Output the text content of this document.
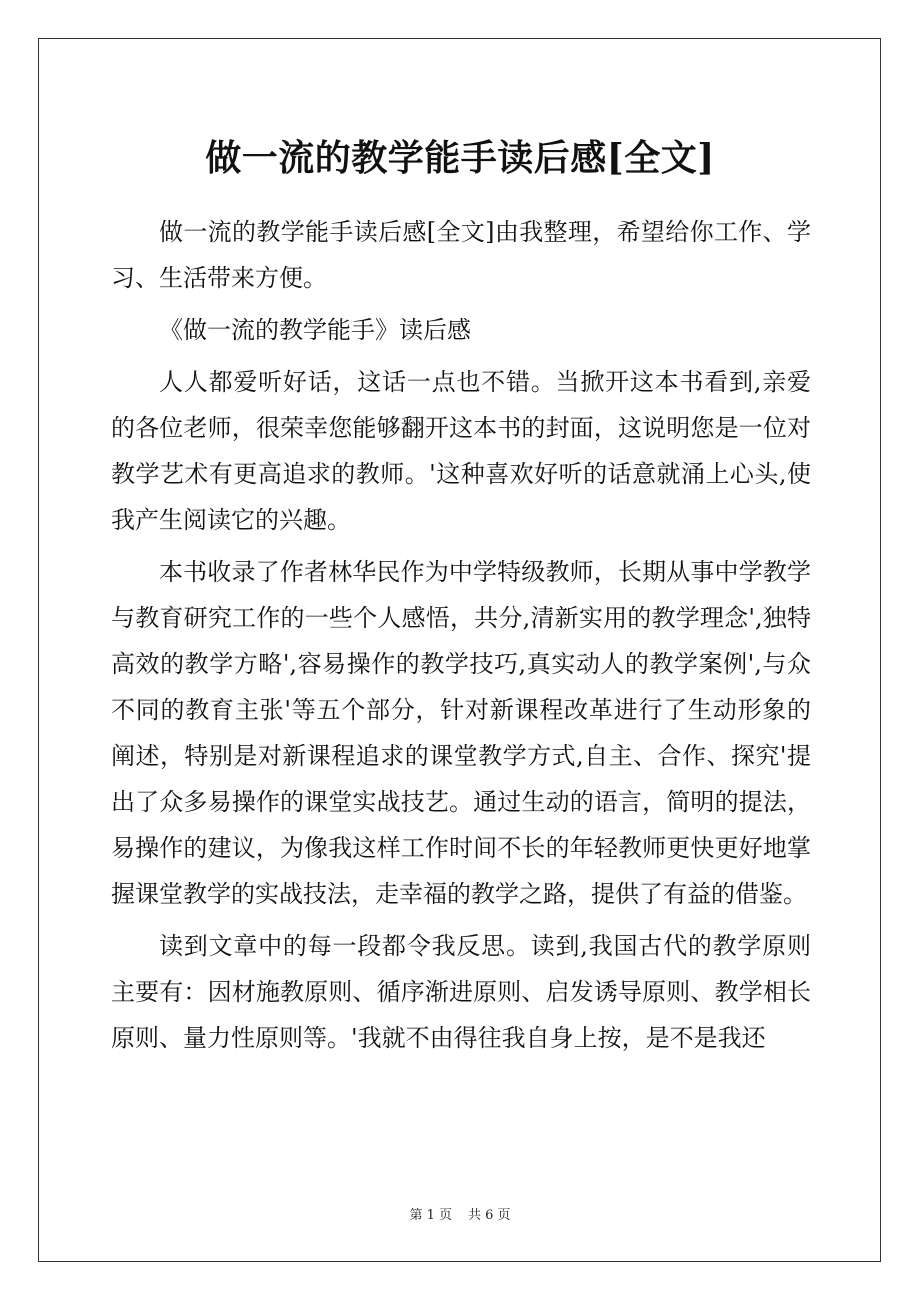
做一流的教学能手读后感[全文]

做一流的教学能手读后感[全文]由我整理，希望给你工作、学习、生活带来方便。

《做一流的教学能手》读后感

人人都爱听好话，这话一点也不错。当掀开这本书看到,亲爱的各位老师，很荣幸您能够翻开这本书的封面，这说明您是一位对教学艺术有更高追求的教师。'这种喜欢好听的话意就涌上心头,使我产生阅读它的兴趣。

本书收录了作者林华民作为中学特级教师，长期从事中学教学与教育研究工作的一些个人感悟，共分,清新实用的教学理念',独特高效的教学方略',容易操作的教学技巧,真实动人的教学案例',与众不同的教育主张'等五个部分，针对新课程改革进行了生动形象的阐述，特别是对新课程追求的课堂教学方式,自主、合作、探究'提出了众多易操作的课堂实战技艺。通过生动的语言，简明的提法，易操作的建议，为像我这样工作时间不长的年轻教师更快更好地掌握课堂教学的实战技法，走幸福的教学之路，提供了有益的借鉴。

读到文章中的每一段都令我反思。读到,我国古代的教学原则主要有：因材施教原则、循序渐进原则、启发诱导原则、教学相长原则、量力性原则等。'我就不由得往我自身上按，是不是我还

第 1 页 共 6 页
